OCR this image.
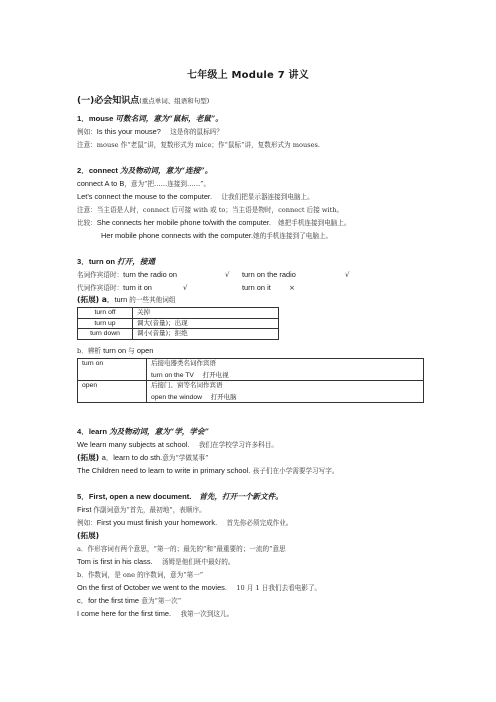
七年级上 Module 7 讲义
(一)必会知识点(重点单词、组语和句型)
1．mouse 可数名词，意为“鼠标，老鼠”。
例如：Is this your mouse? 这是你的鼠标吗？
注意：mouse 作“老鼠”讲，复数形式为 mice；作“鼠标”讲，复数形式为 mouses.
2．connect 为及物动词，意为“连接”。
connect A to B，意为“把……连接到……”。
Let’s connect the mouse to the computer. 让我们把显示器连接到电脑上。
注意：当主语是人时，connect 后可接 with 或 to；当主语是物时，connect 后接 with。
比较：She connects her mobile phone to/with the computer. 她把手机连接到电脑上。
Her mobile phone connects with the computer.她的手机连接到了电脑上。
3．turn on 打开，接通
名词作宾语时：turn the radio on	√ turn on the radio	√
代词作宾语时：turn it on	√	turn on it	×
(拓展) a．turn 的一些其他词组
turn off	关掉
turn up	调大(音量)；出现
turn down	调小(音量)；拒绝
b．辨析 turn on 与 open
turn on	后接电器类名词作宾语
turn on the TV 打开电视

open	后接门、窗等名词作宾语
open the window 打开电脑
4．learn 为及物动词，意为“学，学会”
We learn many subjects at school. 我们在学校学习许多科目。
(拓展) a．learn to do sth.意为“学做某事”
The Children need to learn to write in primary school. 孩子们在小学需要学习写字。
5．First, open a new document. 首先，打开一个新文件。
First 作副词意为“首先，最初地”，表顺序。
例如：First you must finish your homework. 首先你必须完成作业。
(拓展)
a．作形容词有两个意思，“第一的；最先的”和“最重要的；一流的”意思
Tom is first in his class. 汤姆是他们班中最好的。
b．作数词，是 one 的序数词，意为“第一”
On the first of October we went to the movies. 10 月 1 日我们去看电影了。
c．for the first time 意为“第一次”
I come here for the first time. 我第一次到这儿。
